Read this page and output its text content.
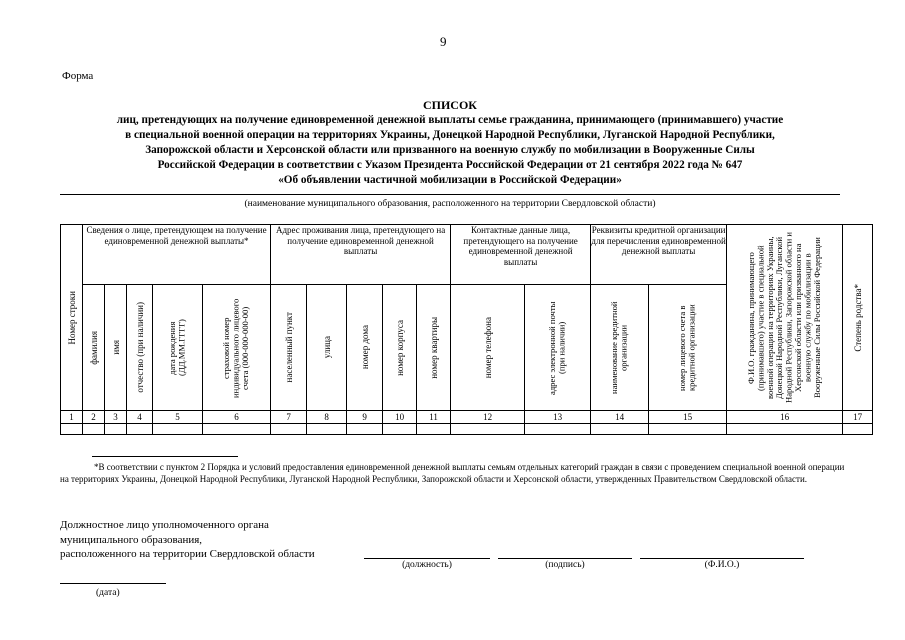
9
Форма
СПИСОК
лиц, претендующих на получение единовременной денежной выплаты семье гражданина, принимающего (принимавшего) участие
в специальной военной операции на территориях Украины, Донецкой Народной Республики, Луганской Народной Республики,
Запорожской области и Херсонской области или призванного на военную службу по мобилизации в Вооруженные Силы
Российской Федерации в соответствии с Указом Президента Российской Федерации от 21 сентября 2022 года № 647
«Об объявлении частичной мобилизации в Российской Федерации»
(наименование муниципального образования, расположенного на территории Свердловской области)
Номер строки	Сведения о лице, претендующем на получение единовременной денежной выплаты*					Адрес проживания лица, претендующего на получение единовременной денежной выплаты					Контактные данные лица, претендующего на получение единовременной денежной выплаты		Реквизиты кредитной организации для перечисления единовременной денежной выплаты		Ф.И.О. гражданина, принимающего (принимавшего) участие в специальной военной операции на территориях Украины, Донецкой Народной Республики, Луганской Народной Республики, Запорожской области и Херсонской области или призванного на военную службу по мобилизации в Вооруженные Силы Российской Федерации	Степень родства*

	фамилия	имя	отчество (при наличии)	дата рождения (ДД.ММ.ГГГГ)	страховой номер индивидуального лицевого счета (000-000-000-00)	населенный пункт	улица	номер дома	номер корпуса	номер квартиры	номер телефона	адрес электронной почты (при наличии)	наименование кредитной организации	номер лицевого счета в кредитной организации		

1	2	3	4	5	6	7	8	9	10	11	12	13	14	15	16	17

*В соответствии с пунктом 2 Порядка и условий предоставления единовременной денежной выплаты семьям отдельных категорий граждан в связи с проведением специальной военной операции на территориях Украины, Донецкой Народной Республики, Луганской Народной Республики, Запорожской области и Херсонской области, утвержденных Правительством Свердловской области.
Должностное лицо уполномоченного органа
муниципального образования,
расположенного на территории Свердловской области
(должность)	(подпись)	(Ф.И.О.)
(дата)
